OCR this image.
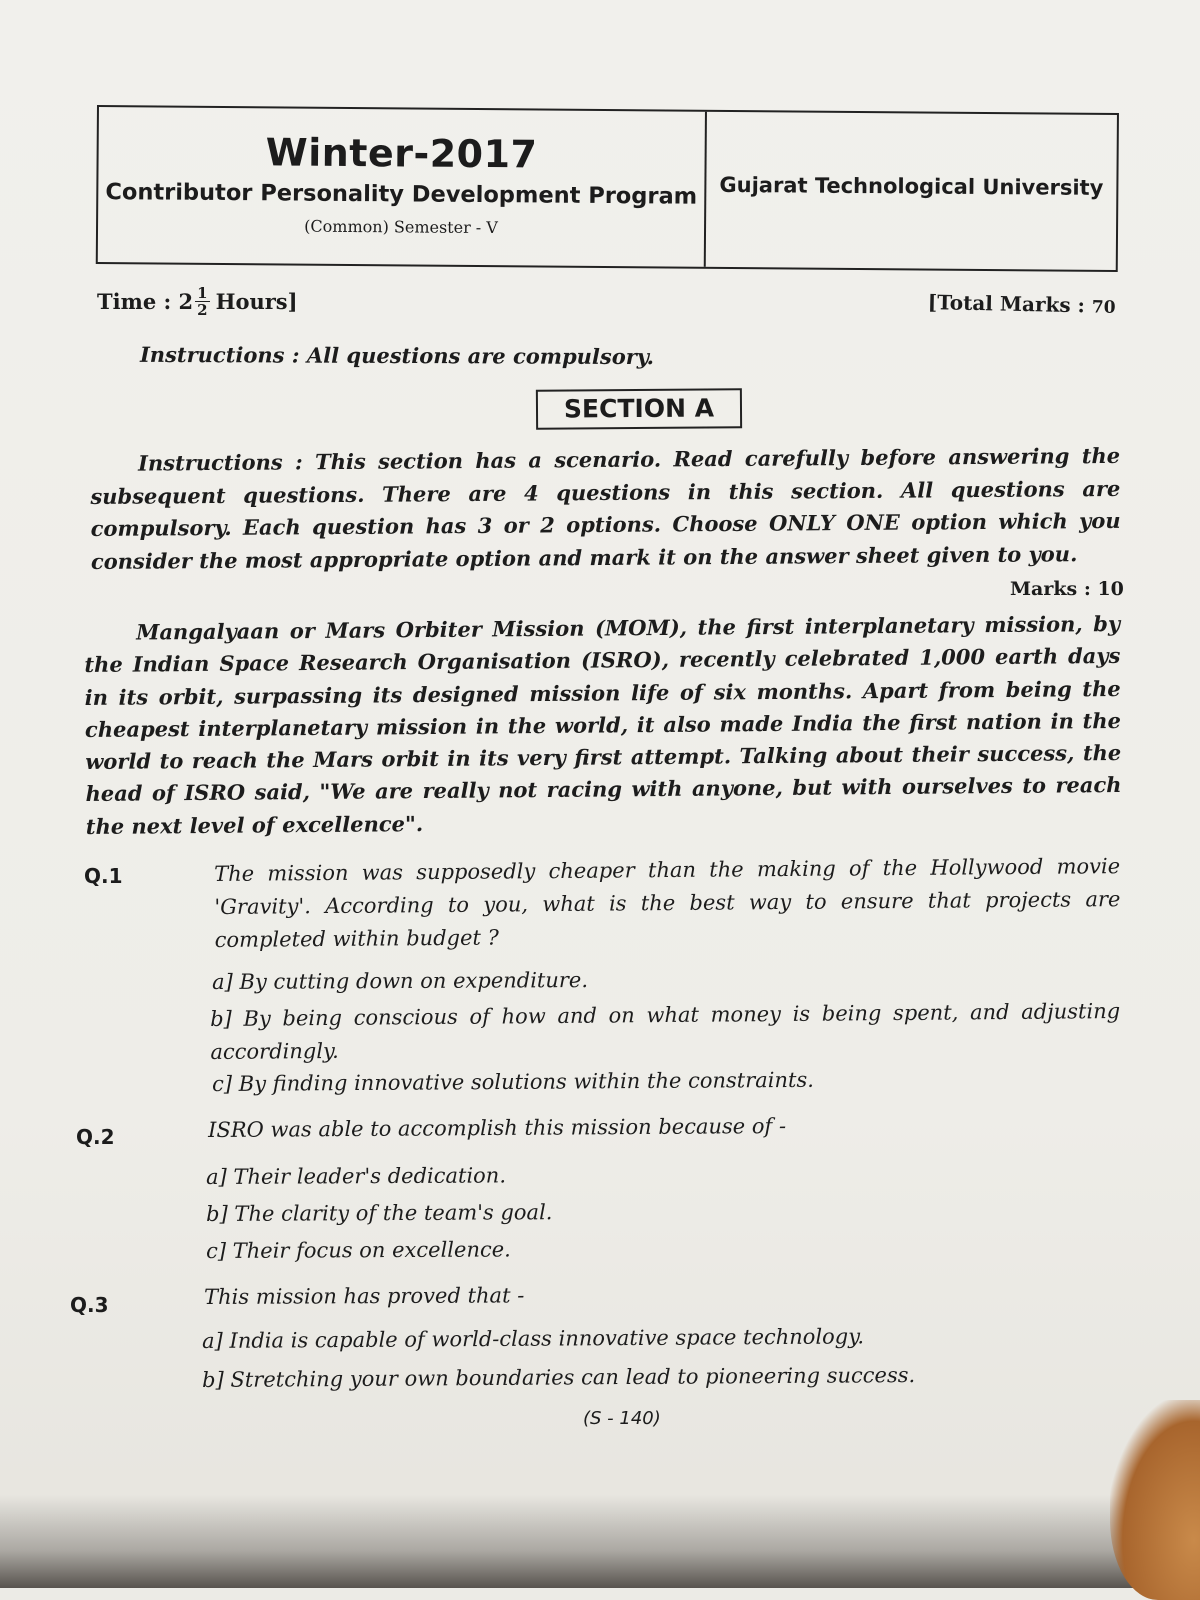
Winter-2017
Contributor Personality Development Program
(Common) Semester - V
Gujarat Technological University
Time : $2 \frac{1}{2}$ Hours]	[Total Marks : 70
Instructions : All questions are compulsory.
SECTION A
Instructions : This section has a scenario. Read carefully before answering the subsequent questions. There are 4 questions in this section. All questions are compulsory. Each question has 3 or 2 options. Choose ONLY ONE option which you consider the most appropriate option and mark it on the answer sheet given to you.
Marks : 10
Mangalyaan or Mars Orbiter Mission (MOM), the first interplanetary mission, by the Indian Space Research Organisation (ISRO), recently celebrated 1,000 earth days in its orbit, surpassing its designed mission life of six months. Apart from being the cheapest interplanetary mission in the world, it also made India the first nation in the world to reach the Mars orbit in its very first attempt. Talking about their success, the head of ISRO said, "We are really not racing with anyone, but with ourselves to reach the next level of excellence".
Q.1	The mission was supposedly cheaper than the making of the Hollywood movie 'Gravity'. According to you, what is the best way to ensure that projects are completed within budget ?
a] By cutting down on expenditure.
b] By being conscious of how and on what money is being spent, and adjusting accordingly.
c] By finding innovative solutions within the constraints.
Q.2	ISRO was able to accomplish this mission because of -
a] Their leader's dedication.
b] The clarity of the team's goal.
c] Their focus on excellence.
Q.3	This mission has proved that -
a] India is capable of world-class innovative space technology.
b] Stretching your own boundaries can lead to pioneering success.
(S - 140)
